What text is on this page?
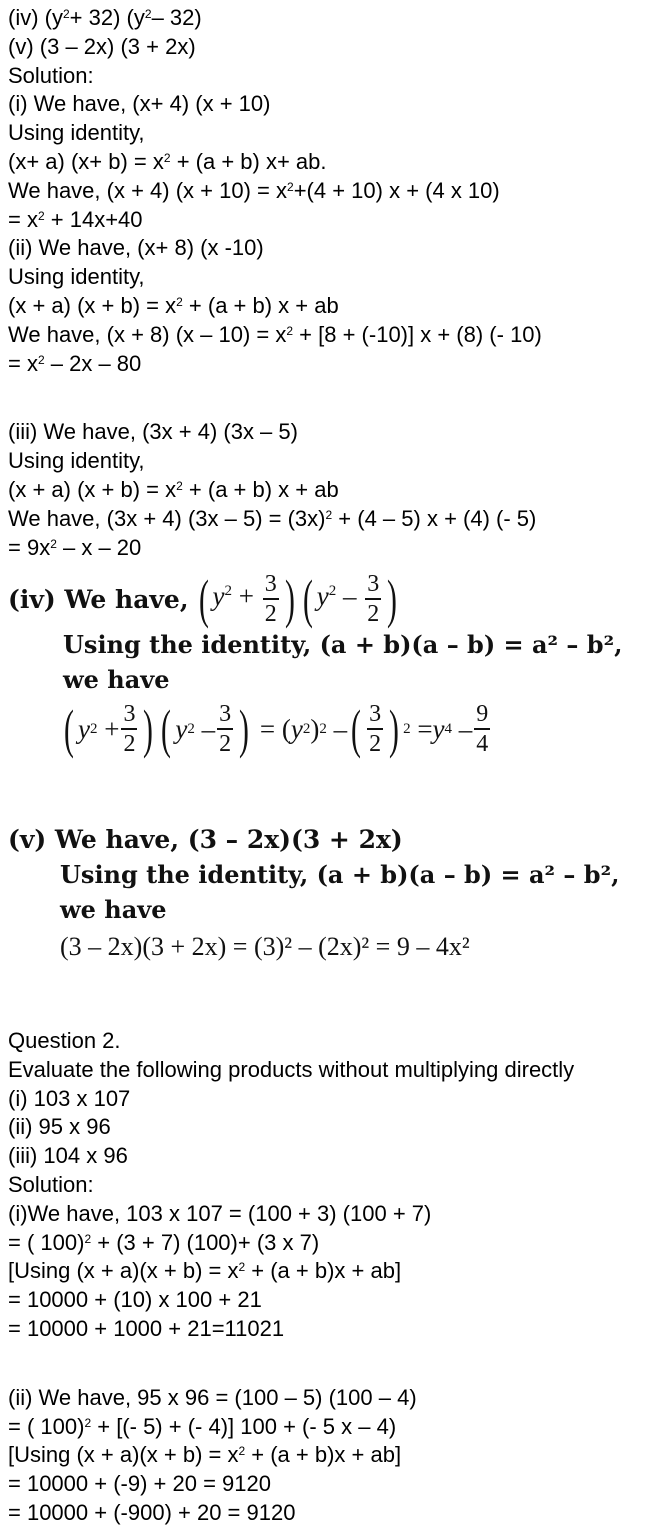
(iv) $(y^2+ 32)$ ($y^2-$ 32)
(v) (3 – 2x) (3 + 2x)
Solution:
(i) We have, (x+ 4) (x + 10)
Using identity,
(x+ a) $(x+ b) = x^2 + (a + b)$ x+ ab.
We have, (x + 4) $(x + 10) = x^2+(4 + 10) x + (4$ x 10)
= $x^2 + 14x+40$
(ii) We have, (x+ 8) (x -10)
Using identity,
(x + a) $(x + b) = x^2 + (a + b) x$ + ab
We have, (x + 8) $(x - 10) = x^2 + [8 + (-10)] x + (8)$ (- 10)
= $x^2 - 2x - 80$
(iii) We have, (3x + 4) (3x – 5)
Using identity,
(x + a) $(x + b) = x^2 + (a + b) x$ + ab
We have, (3x + 4) $(3x - 5) = (3x)^2 + (4 - 5) x + (4)$ (- 5)
= $9x^2$ – x – 20
(iv) We have, ( $y^2 + \frac{3}{2}$ ) ( $y^2 - \frac{3}{2}$ )
Using the identity, (a + b)(a – b) = a² – b²,
we have
( y $2 + \frac{3}{2}$ ) ( y $2 - \frac{3}{2}$ ) = ( y 2 ) 2 – ( $\frac{3}{2}$ ) 2 = y $4 - \frac{9}{4}$
(v) We have, (3 – 2x)(3 + 2x)
Using the identity, (a + b)(a – b) = a² – b²,
we have
(3 – 2x)(3 + 2x) = (3)² – (2x)² = 9 – 4x²
Question 2.
Evaluate the following products without multiplying directly
(i) 103 x 107
(ii) 95 x 96
(iii) 104 x 96
Solution:
(i)We have, 103 x 107 = (100 + 3) (100 + 7)
= ( 100)$^2$ + (3 + 7) (100)+ (3 x 7)
[Using $(x + a)(x + b) = x^2 + (a + b)x + ab$]
= 10000 + (10) x 100 + 21
= 10000 + 1000 + 21=11021
(ii) We have, 95 x 96 = (100 – 5) (100 – 4)
= ( 100)$^2$ + [(- 5) + (- 4)] 100 + (- 5 x – 4)
[Using $(x + a)(x + b) = x^2 + (a + b)x + ab$]
= 10000 + (-9) + 20 = 9120
= 10000 + (-900) + 20 = 9120
